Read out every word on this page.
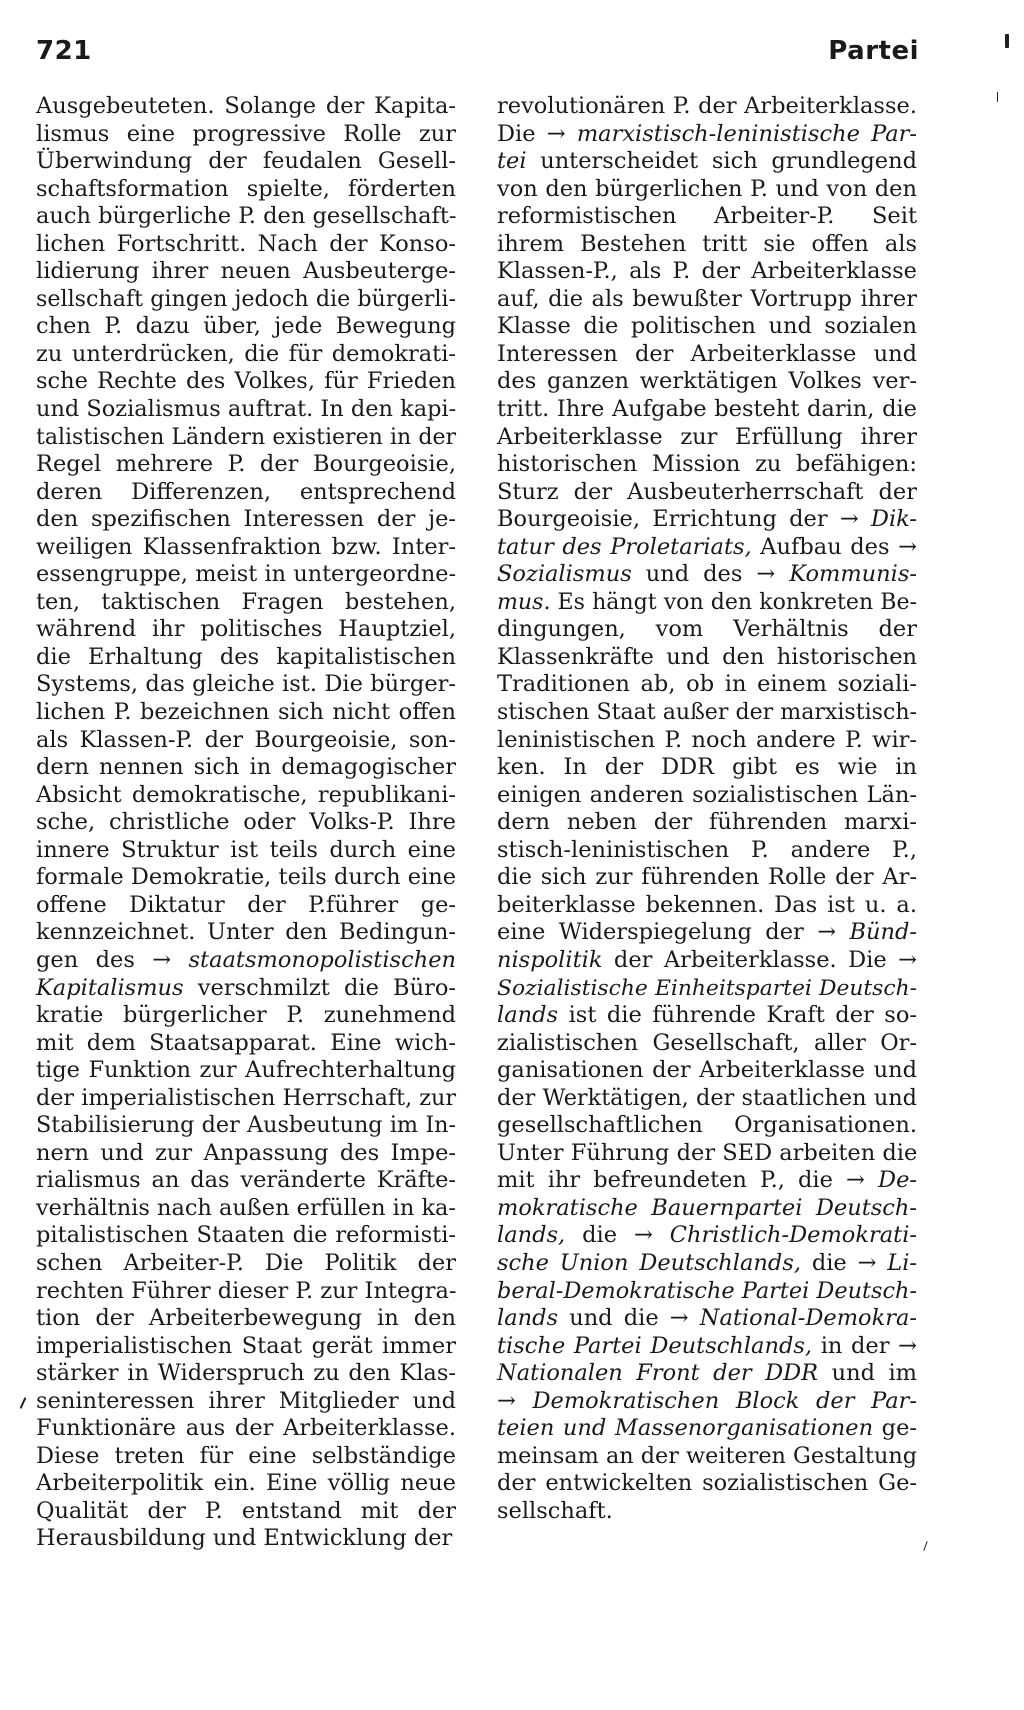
721	Partei
Ausgebeuteten. Solange der Kapita-
lismus eine progressive Rolle zur
Überwindung der feudalen Gesell-
schaftsformation spielte, förderten
auch bürgerliche P. den gesellschaft-
lichen Fortschritt. Nach der Konso-
lidierung ihrer neuen Ausbeuterge-
sellschaft gingen jedoch die bürgerli-
chen P. dazu über, jede Bewegung
zu unterdrücken, die für demokrati-
sche Rechte des Volkes, für Frieden
und Sozialismus auftrat. In den kapi-
talistischen Ländern existieren in der
Regel mehrere P. der Bourgeoisie,
deren Differenzen, entsprechend
den spezifischen Interessen der je-
weiligen Klassenfraktion bzw. Inter-
essengruppe, meist in untergeordne-
ten, taktischen Fragen bestehen,
während ihr politisches Hauptziel,
die Erhaltung des kapitalistischen
Systems, das gleiche ist. Die bürger-
lichen P. bezeichnen sich nicht offen
als Klassen-P. der Bourgeoisie, son-
dern nennen sich in demagogischer
Absicht demokratische, republikani-
sche, christliche oder Volks-P. Ihre
innere Struktur ist teils durch eine
formale Demokratie, teils durch eine
offene Diktatur der P.führer ge-
kennzeichnet. Unter den Bedingun-
gen des → staatsmonopolistischen
Kapitalismus verschmilzt die Büro-
kratie bürgerlicher P. zunehmend
mit dem Staatsapparat. Eine wich-
tige Funktion zur Aufrechterhaltung
der imperialistischen Herrschaft, zur
Stabilisierung der Ausbeutung im In-
nern und zur Anpassung des Impe-
rialismus an das veränderte Kräfte-
verhältnis nach außen erfüllen in ka-
pitalistischen Staaten die reformisti-
schen Arbeiter-P. Die Politik der
rechten Führer dieser P. zur Integra-
tion der Arbeiterbewegung in den
imperialistischen Staat gerät immer
stärker in Widerspruch zu den Klas-
seninteressen ihrer Mitglieder und
Funktionäre aus der Arbeiterklasse.
Diese treten für eine selbständige
Arbeiterpolitik ein. Eine völlig neue
Qualität der P. entstand mit der
Herausbildung und Entwicklung der
revolutionären P. der Arbeiterklasse.
Die → marxistisch-leninistische Par-
tei unterscheidet sich grundlegend
von den bürgerlichen P. und von den
reformistischen Arbeiter-P. Seit
ihrem Bestehen tritt sie offen als
Klassen-P., als P. der Arbeiterklasse
auf, die als bewußter Vortrupp ihrer
Klasse die politischen und sozialen
Interessen der Arbeiterklasse und
des ganzen werktätigen Volkes ver-
tritt. Ihre Aufgabe besteht darin, die
Arbeiterklasse zur Erfüllung ihrer
historischen Mission zu befähigen:
Sturz der Ausbeuterherrschaft der
Bourgeoisie, Errichtung der → Dik-
tatur des Proletariats, Aufbau des →
Sozialismus und des → Kommunis-
mus. Es hängt von den konkreten Be-
dingungen, vom Verhältnis der
Klassenkräfte und den historischen
Traditionen ab, ob in einem soziali-
stischen Staat außer der marxistisch-
leninistischen P. noch andere P. wir-
ken. In der DDR gibt es wie in
einigen anderen sozialistischen Län-
dern neben der führenden marxi-
stisch-leninistischen P. andere P.,
die sich zur führenden Rolle der Ar-
beiterklasse bekennen. Das ist u. a.
eine Widerspiegelung der → Bünd-
nispolitik der Arbeiterklasse. Die →
Sozialistische Einheitspartei Deutsch-
lands ist die führende Kraft der so-
zialistischen Gesellschaft, aller Or-
ganisationen der Arbeiterklasse und
der Werktätigen, der staatlichen und
gesellschaftlichen Organisationen.
Unter Führung der SED arbeiten die
mit ihr befreundeten P., die → De-
mokratische Bauernpartei Deutsch-
lands, die → Christlich-Demokrati-
sche Union Deutschlands, die → Li-
beral-Demokratische Partei Deutsch-
lands und die → National-Demokra-
tische Partei Deutschlands, in der →
Nationalen Front der DDR und im
→ Demokratischen Block der Par-
teien und Massenorganisationen ge-
meinsam an der weiteren Gestaltung
der entwickelten sozialistischen Ge-
sellschaft.
